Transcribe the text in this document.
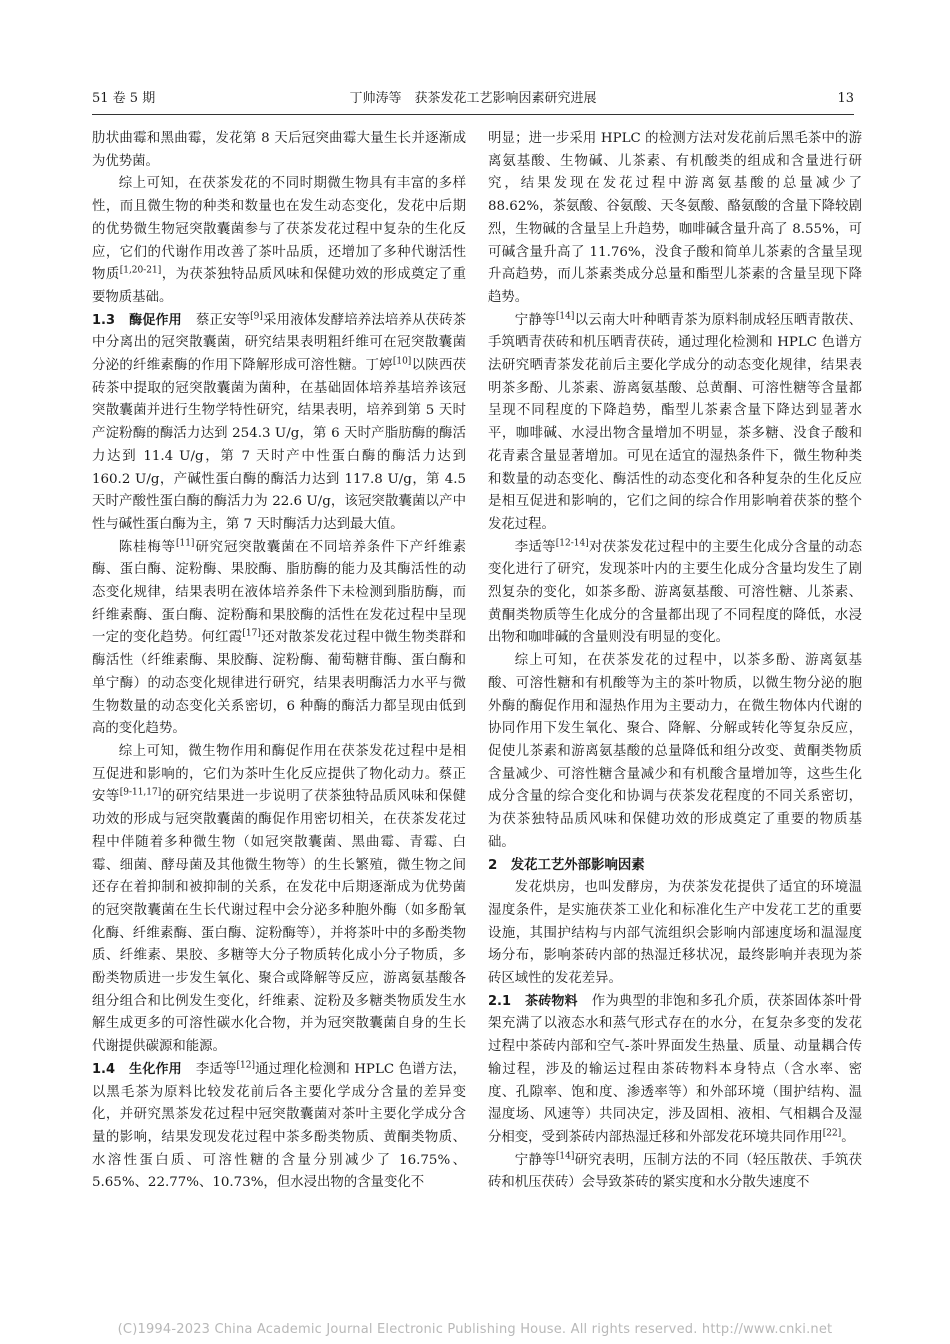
51 卷 5 期	丁帅涛等　获茶发花工艺影响因素研究进展	13

肋状曲霉和黑曲霉，发花第 8 天后冠突曲霉大量生长并逐渐成为优势菌。

综上可知，在茯茶发花的不同时期微生物具有丰富的多样性，而且微生物的种类和数量也在发生动态变化，发花中后期的优势微生物冠突散囊菌参与了茯茶发花过程中复杂的生化反应，它们的代谢作用改善了茶叶品质，还增加了多种代谢活性物质[1,20-21]，为茯茶独特品质风味和保健功效的形成奠定了重要物质基础。

1.3 酶促作用 蔡正安等[9]采用液体发酵培养法培养从茯砖茶中分离出的冠突散囊菌，研究结果表明粗纤维可在冠突散囊菌分泌的纤维素酶的作用下降解形成可溶性糖。丁婷[10]以陕西茯砖茶中提取的冠突散囊菌为菌种，在基础固体培养基培养该冠突散囊菌并进行生物学特性研究，结果表明，培养到第 5 天时产淀粉酶的酶活力达到 254.3 U/g，第 6 天时产脂肪酶的酶活力达到 11.4 U/g，第 7 天时产中性蛋白酶的酶活力达到 160.2 U/g，产碱性蛋白酶的酶活力达到 117.8 U/g，第 4.5 天时产酸性蛋白酶的酶活力为 22.6 U/g，该冠突散囊菌以产中性与碱性蛋白酶为主，第 7 天时酶活力达到最大值。

陈桂梅等[11]研究冠突散囊菌在不同培养条件下产纤维素酶、蛋白酶、淀粉酶、果胶酶、脂肪酶的能力及其酶活性的动态变化规律，结果表明在液体培养条件下未检测到脂肪酶，而纤维素酶、蛋白酶、淀粉酶和果胶酶的活性在发花过程中呈现一定的变化趋势。何红霞[17]还对散茶发花过程中微生物类群和酶活性（纤维素酶、果胶酶、淀粉酶、葡萄糖苷酶、蛋白酶和单宁酶）的动态变化规律进行研究，结果表明酶活力水平与微生物数量的动态变化关系密切，6 种酶的酶活力都呈现由低到高的变化趋势。

综上可知，微生物作用和酶促作用在茯茶发花过程中是相互促进和影响的，它们为茶叶生化反应提供了物化动力。蔡正安等[9-11,17]的研究结果进一步说明了茯茶独特品质风味和保健功效的形成与冠突散囊菌的酶促作用密切相关，在茯茶发花过程中伴随着多种微生物（如冠突散囊菌、黑曲霉、青霉、白霉、细菌、酵母菌及其他微生物等）的生长繁殖，微生物之间还存在着抑制和被抑制的关系，在发花中后期逐渐成为优势菌的冠突散囊菌在生长代谢过程中会分泌多种胞外酶（如多酚氧化酶、纤维素酶、蛋白酶、淀粉酶等），并将茶叶中的多酚类物质、纤维素、果胶、多糖等大分子物质转化成小分子物质，多酚类物质进一步发生氧化、聚合或降解等反应，游离氨基酸各组分组合和比例发生变化，纤维素、淀粉及多糖类物质发生水解生成更多的可溶性碳水化合物，并为冠突散囊菌自身的生长代谢提供碳源和能源。

1.4 生化作用 李适等[12]通过理化检测和 HPLC 色谱方法，以黑毛茶为原料比较发花前后各主要化学成分含量的差异变化，并研究黑茶发花过程中冠突散囊菌对茶叶主要化学成分含量的影响，结果发现发花过程中茶多酚类物质、黄酮类物质、水溶性蛋白质、可溶性糖的含量分别减少了 16.75%、5.65%、22.77%、10.73%，但水浸出物的含量变化不

明显；进一步采用 HPLC 的检测方法对发花前后黑毛茶中的游离氨基酸、生物碱、儿茶素、有机酸类的组成和含量进行研究，结果发现在发花过程中游离氨基酸的总量减少了 88.62%，茶氨酸、谷氨酸、天冬氨酸、酪氨酸的含量下降较剧烈，生物碱的含量呈上升趋势，咖啡碱含量升高了 8.55%，可可碱含量升高了 11.76%，没食子酸和简单儿茶素的含量呈现升高趋势，而儿茶素类成分总量和酯型儿茶素的含量呈现下降趋势。

宁静等[14]以云南大叶种晒青茶为原料制成轻压晒青散茯、手筑晒青茯砖和机压晒青茯砖，通过理化检测和 HPLC 色谱方法研究晒青茶发花前后主要化学成分的动态变化规律，结果表明茶多酚、儿茶素、游离氨基酸、总黄酮、可溶性糖等含量都呈现不同程度的下降趋势，酯型儿茶素含量下降达到显著水平，咖啡碱、水浸出物含量增加不明显，茶多糖、没食子酸和花青素含量显著增加。可见在适宜的湿热条件下，微生物种类和数量的动态变化、酶活性的动态变化和各种复杂的生化反应是相互促进和影响的，它们之间的综合作用影响着茯茶的整个发花过程。

李适等[12-14]对茯茶发花过程中的主要生化成分含量的动态变化进行了研究，发现茶叶内的主要生化成分含量均发生了剧烈复杂的变化，如茶多酚、游离氨基酸、可溶性糖、儿茶素、黄酮类物质等生化成分的含量都出现了不同程度的降低，水浸出物和咖啡碱的含量则没有明显的变化。

综上可知，在茯茶发花的过程中，以茶多酚、游离氨基酸、可溶性糖和有机酸等为主的茶叶物质，以微生物分泌的胞外酶的酶促作用和湿热作用为主要动力，在微生物体内代谢的协同作用下发生氧化、聚合、降解、分解或转化等复杂反应，促使儿茶素和游离氨基酸的总量降低和组分改变、黄酮类物质含量减少、可溶性糖含量减少和有机酸含量增加等，这些生化成分含量的综合变化和协调与茯茶发花程度的不同关系密切，为茯茶独特品质风味和保健功效的形成奠定了重要的物质基础。

2　发花工艺外部影响因素

发花烘房，也叫发酵房，为茯茶发花提供了适宜的环境温湿度条件，是实施茯茶工业化和标准化生产中发花工艺的重要设施，其围护结构与内部气流组织会影响内部速度场和温湿度场分布，影响茶砖内部的热湿迁移状况，最终影响并表现为茶砖区域性的发花差异。

2.1 茶砖物料 作为典型的非饱和多孔介质，茯茶固体茶叶骨架充满了以液态水和蒸气形式存在的水分，在复杂多变的发花过程中茶砖内部和空气-茶叶界面发生热量、质量、动量耦合传输过程，涉及的输运过程由茶砖物料本身特点（含水率、密度、孔隙率、饱和度、渗透率等）和外部环境（围护结构、温湿度场、风速等）共同决定，涉及固相、液相、气相耦合及湿分相变，受到茶砖内部热湿迁移和外部发花环境共同作用[22]。

宁静等[14]研究表明，压制方法的不同（轻压散茯、手筑茯砖和机压茯砖）会导致茶砖的紧实度和水分散失速度不

(C)1994-2023 China Academic Journal Electronic Publishing House. All rights reserved. http://www.cnki.net
